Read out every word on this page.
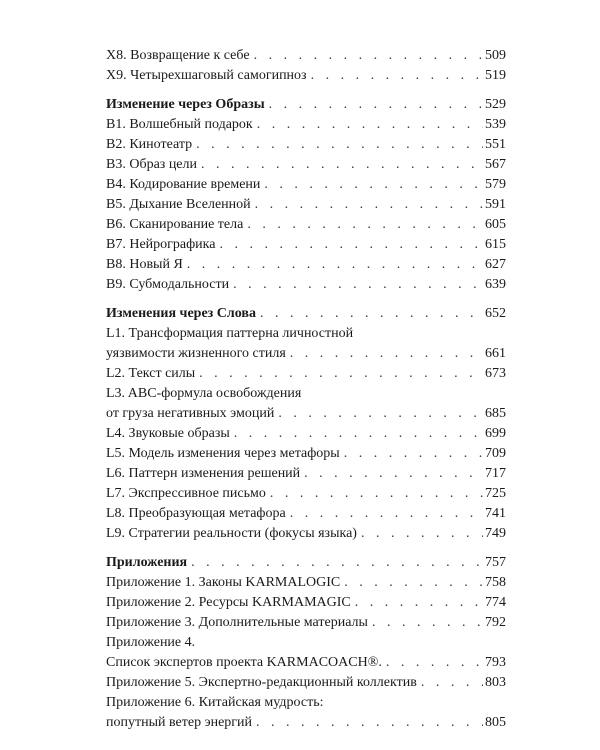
X8. Возвращение к себе . . .	509
X9. Четырехшаговый самогипноз . . .	519
Изменение через Образы . . .	529
B1. Волшебный подарок . . .	539
B2. Кинотеатр . . .	551
B3. Образ цели . . .	567
B4. Кодирование времени . . .	579
B5. Дыхание Вселенной . . .	591
B6. Сканирование тела . . .	605
B7. Нейрографика . . .	615
B8. Новый Я . . .	627
B9. Субмодальности . . .	639
Изменения через Слова . . .	652
L1. Трансформация паттерна личностной
уязвимости жизненного стиля . . .	661
L2. Текст силы . . .	673
L3. ABC-формула освобождения
от груза негативных эмоций . . .	685
L4. Звуковые образы . . .	699
L5. Модель изменения через метафоры . . .	709
L6. Паттерн изменения решений . . .	717
L7. Экспрессивное письмо . . .	725
L8. Преобразующая метафора . . .	741
L9. Стратегии реальности (фокусы языка) . . .	749
Приложения . . .	757
Приложение 1. Законы KARMALOGIC . . .	758
Приложение 2. Ресурсы KARMAMAGIC . . .	774
Приложение 3. Дополнительные материалы . . .	792
Приложение 4.
Список экспертов проекта KARMACOACH®. . . .	793
Приложение 5. Экспертно-редакционный коллектив . . .	803
Приложение 6. Китайская мудрость:
попутный ветер энергий . . .	805
